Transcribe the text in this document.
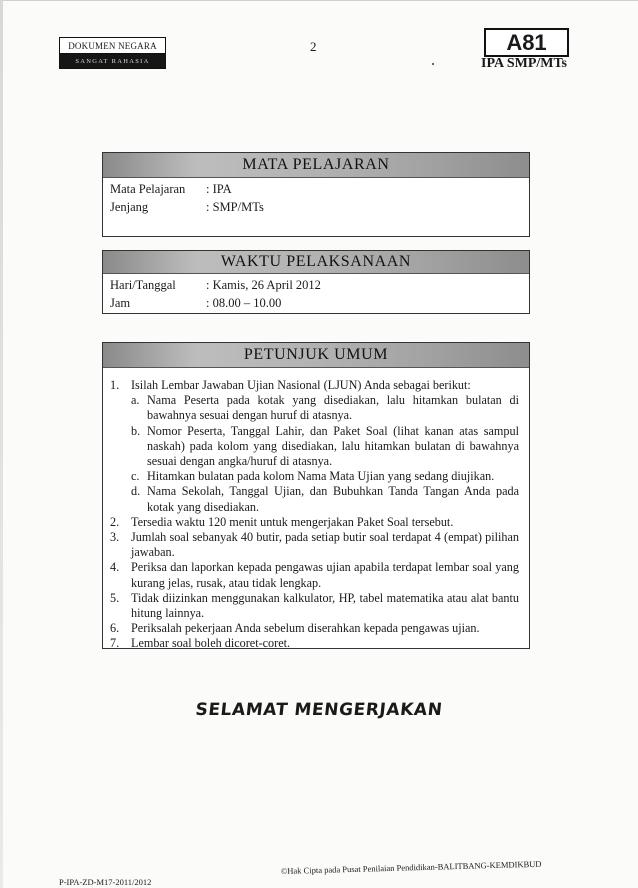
DOKUMEN NEGARA
SANGAT RAHASIA
2	A81
IPA SMP/MTs
MATA PELAJARAN
Mata Pelajaran	: IPA
Jenjang	: SMP/MTs
WAKTU PELAKSANAAN
Hari/Tanggal	: Kamis, 26 April 2012
Jam	: 08.00 – 10.00
PETUNJUK UMUM
1. Isilah Lembar Jawaban Ujian Nasional (LJUN) Anda sebagai berikut:
a. Nama Peserta pada kotak yang disediakan, lalu hitamkan bulatan di bawahnya sesuai dengan huruf di atasnya.
b. Nomor Peserta, Tanggal Lahir, dan Paket Soal (lihat kanan atas sampul naskah) pada kolom yang disediakan, lalu hitamkan bulatan di bawahnya sesuai dengan angka/huruf di atasnya.
c. Hitamkan bulatan pada kolom Nama Mata Ujian yang sedang diujikan.
d. Nama Sekolah, Tanggal Ujian, dan Bubuhkan Tanda Tangan Anda pada kotak yang disediakan.
2. Tersedia waktu 120 menit untuk mengerjakan Paket Soal tersebut.
3. Jumlah soal sebanyak 40 butir, pada setiap butir soal terdapat 4 (empat) pilihan jawaban.
4. Periksa dan laporkan kepada pengawas ujian apabila terdapat lembar soal yang kurang jelas, rusak, atau tidak lengkap.
5. Tidak diizinkan menggunakan kalkulator, HP, tabel matematika atau alat bantu hitung lainnya.
6. Periksalah pekerjaan Anda sebelum diserahkan kepada pengawas ujian.
7. Lembar soal boleh dicoret-coret.
SELAMAT MENGERJAKAN
P-IPA-ZD-M17-2011/2012
©Hak Cipta pada Pusat Penilaian Pendidikan-BALITBANG-KEMDIKBUD
